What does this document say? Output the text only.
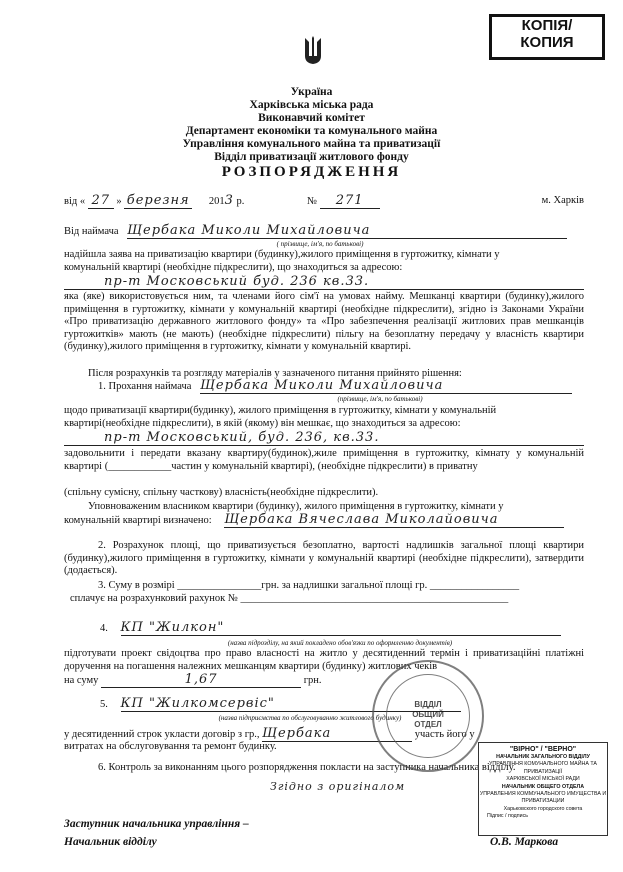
КОПІЯ/
КОПИЯ
Україна
Харківська міська рада
Виконавчий комітет
Департамент економіки та комунального майна
Управління комунального майна та приватизації
Відділ приватизації житлового фонду
РОЗПОРЯДЖЕННЯ
від « 27 » березня 2013 р.	№ 271	м. Харків
Від наймача Щербака Миколи Михайловича
( прізвище, ім'я, по батькові)
надійшла заява на приватизацію квартири (будинку),жилого приміщення в гуртожитку, кімнати у
комунальній квартирі (необхідне підкреслити), що знаходиться за адресою:
пр-т Московський буд. 236 кв.33.
яка (яке) використовується ним, та членами його сім'ї на умовах найму. Мешканці квартири (будинку),жилого приміщення в гуртожитку, кімнати у комунальній квартирі (необхідне підкреслити), згідно із Законами України «Про приватизацію державного житлового фонду» та «Про забезпечення реалізації житлових прав мешканців гуртожитків» мають (не мають) (необхідне підкреслити) пільгу на безоплатну передачу у власність квартири (будинку),жилого приміщення в гуртожитку, кімнати у комунальній квартирі.
Після розрахунків та розгляду матеріалів у зазначеного питання прийнято рішення:
1. Прохання наймача Щербака Миколи Михайловича
(прізвище, ім'я, по батькові)
щодо приватизації квартири(будинку), жилого приміщення в гуртожитку, кімнати у комунальній
квартирі(необхідне підкреслити), в якій (якому) він мешкає, що знаходиться за адресою:
пр-т Московський, буд. 236, кв.33.
задовольнити і передати вказану квартиру(будинок),жиле приміщення в гуртожитку, кімнату у комунальній квартирі (____________частин у комунальній квартирі), (необхідне підкреслити) в приватну
(спільну сумісну, спільну часткову) власність(необхідне підкреслити).
Уповноваженим власником квартири (будинку), жилого приміщення в гуртожитку, кімнати у
комунальній квартирі визначено: Щербака Вячеслава Миколайовича
2. Розрахунок площі, що приватизується безоплатно, вартості надлишків загальної площі квартири (будинку),жилого приміщення в гуртожитку, кімнати у комунальній квартирі (необхідне підкреслити), затвердити (додається).
3. Суму в розмірі ________________грн. за надлишки загальної площі гр. _________________
сплачує на розрахунковий рахунок № ___________________________________________________
4. КП "Жилкон"
(назва підрозділу, на який покладено обов'язки по оформленню документів)
підготувати проект свідоцтва про право власності на житло у десятиденний термін і приватизаційні платіжні доручення на погашення належних мешканцям квартири (будинку) житлових чеків
на суму	1,67	грн.
5. КП "Жилкомсервіс"
(назва підприємства по обслуговуванню житлового будинку)
у десятиденний строк укласти договір з гр., Щербака	участь його у
витратах на обслуговування та ремонт будинку.
6. Контроль за виконанням цього розпорядження покласти на заступника начальника відділу.
Згідно з оригіналом
ВІДДІЛ ОБЩИЙ ОТДЕЛ
"ВІРНО" / "ВЕРНО"
НАЧАЛЬНИК ЗАГАЛЬНОГО ВІДДІЛУ
УПРАВЛІННЯ КОМУНАЛЬНОГО МАЙНА ТА ПРИВАТИЗАЦІЇ
ХАРКІВСЬКОЇ МІСЬКОЇ РАДИ
НАЧАЛЬНИК ОБЩЕГО ОТДЕЛА
УПРАВЛЕНИЯ КОММУНАЛЬНОГО ИМУЩЕСТВА И ПРИВАТИЗАЦИИ
Харьковского городского совета
Підпис / подпись
Заступник начальника управління –
Начальник відділу	О.В. Маркова
